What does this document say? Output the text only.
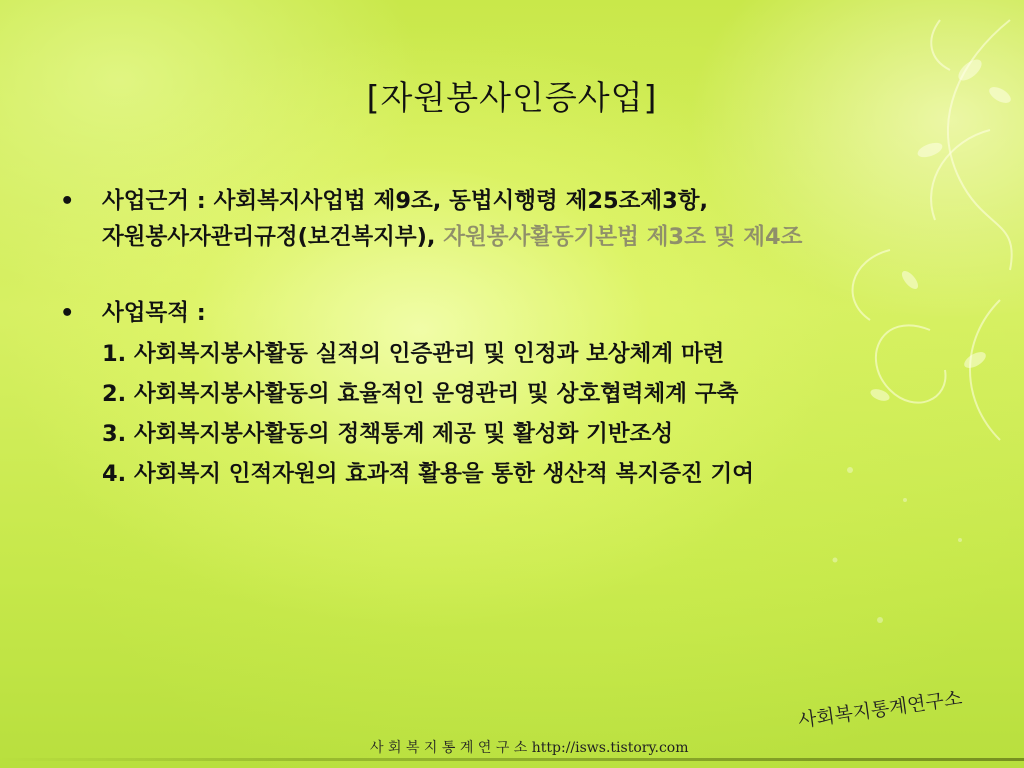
[자원봉사인증사업]
•	사업근거 : 사회복지사업법 제9조, 동법시행령 제25조제3항, 자원봉사자관리규정(보건복지부), 자원봉사활동기본법 제3조 및 제4조
•	사업목적 :
1. 사회복지봉사활동 실적의 인증관리 및 인정과 보상체계 마련
2. 사회복지봉사활동의 효율적인 운영관리 및 상호협력체계 구축
3. 사회복지봉사활동의 정책통계 제공 및 활성화 기반조성
4. 사회복지 인적자원의 효과적 활용을 통한 생산적 복지증진 기여
사회복지통계연구소
사 회 복 지 통 계 연 구 소 http://isws.tistory.com
